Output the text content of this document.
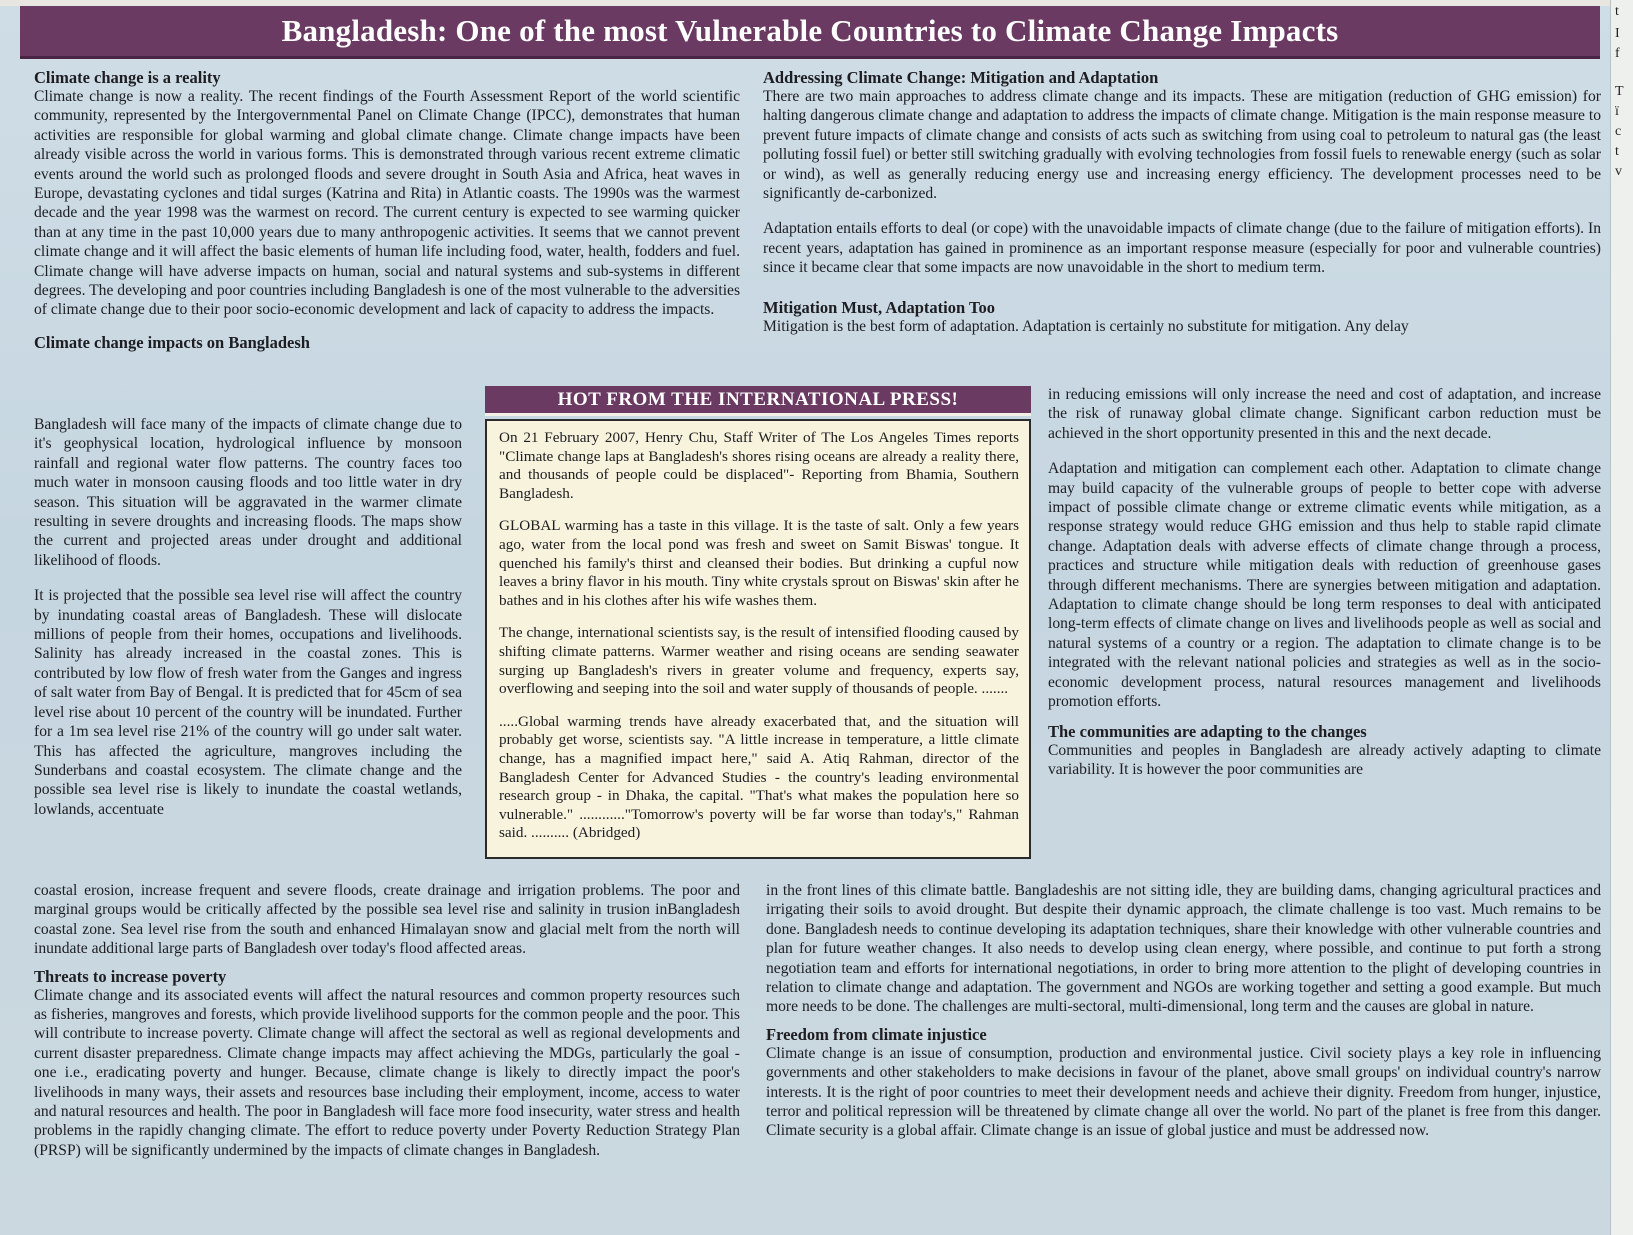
Bangladesh: One of the most Vulnerable Countries to Climate Change Impacts
t
I
f
T
ï
c
t
v

Climate change is a reality

Climate change is now a reality. The recent findings of the Fourth Assessment Report of the world scientific community, represented by the Intergovernmental Panel on Climate Change (IPCC), demonstrates that human activities are responsible for global warming and global climate change. Climate change impacts have been already visible across the world in various forms. This is demonstrated through various recent extreme climatic events around the world such as prolonged floods and severe drought in South Asia and Africa, heat waves in Europe, devastating cyclones and tidal surges (Katrina and Rita) in Atlantic coasts. The 1990s was the warmest decade and the year 1998 was the warmest on record. The current century is expected to see warming quicker than at any time in the past 10,000 years due to many anthropogenic activities. It seems that we cannot prevent climate change and it will affect the basic elements of human life including food, water, health, fodders and fuel. Climate change will have adverse impacts on human, social and natural systems and sub-systems in different degrees. The developing and poor countries including Bangladesh is one of the most vulnerable to the adversities of climate change due to their poor socio-economic development and lack of capacity to address the impacts.

Climate change impacts on Bangladesh

Bangladesh will face many of the impacts of climate change due to it's geophysical location, hydrological influence by monsoon rainfall and regional water flow patterns. The country faces too much water in monsoon causing floods and too little water in dry season. This situation will be aggravated in the warmer climate resulting in severe droughts and increasing floods. The maps show the current and projected areas under drought and additional likelihood of floods.

It is projected that the possible sea level rise will affect the country by inundating coastal areas of Bangladesh. These will dislocate millions of people from their homes, occupations and livelihoods. Salinity has already increased in the coastal zones. This is contributed by low flow of fresh water from the Ganges and ingress of salt water from Bay of Bengal. It is predicted that for 45cm of sea level rise about 10 percent of the country will be inundated. Further for a 1m sea level rise 21% of the country will go under salt water. This has affected the agriculture, mangroves including the Sunderbans and coastal ecosystem. The climate change and the possible sea level rise is likely to inundate the coastal wetlands, lowlands, accentuate

coastal erosion, increase frequent and severe floods, create drainage and irrigation problems. The poor and marginal groups would be critically affected by the possible sea level rise and salinity in trusion inBangladesh coastal zone. Sea level rise from the south and enhanced Himalayan snow and glacial melt from the north will inundate additional large parts of Bangladesh over today's flood affected areas.

Threats to increase poverty

Climate change and its associated events will affect the natural resources and common property resources such as fisheries, mangroves and forests, which provide livelihood supports for the common people and the poor. This will contribute to increase poverty. Climate change will affect the sectoral as well as regional developments and current disaster preparedness. Climate change impacts may affect achieving the MDGs, particularly the goal -one i.e., eradicating poverty and hunger. Because, climate change is likely to directly impact the poor's livelihoods in many ways, their assets and resources base including their employment, income, access to water and natural resources and health. The poor in Bangladesh will face more food insecurity, water stress and health problems in the rapidly changing climate. The effort to reduce poverty under Poverty Reduction Strategy Plan (PRSP) will be significantly undermined by the impacts of climate changes in Bangladesh.

Addressing Climate Change: Mitigation and Adaptation

There are two main approaches to address climate change and its impacts. These are mitigation (reduction of GHG emission) for halting dangerous climate change and adaptation to address the impacts of climate change. Mitigation is the main response measure to prevent future impacts of climate change and consists of acts such as switching from using coal to petroleum to natural gas (the least polluting fossil fuel) or better still switching gradually with evolving technologies from fossil fuels to renewable energy (such as solar or wind), as well as generally reducing energy use and increasing energy efficiency. The development processes need to be significantly de-carbonized.

Adaptation entails efforts to deal (or cope) with the unavoidable impacts of climate change (due to the failure of mitigation efforts). In recent years, adaptation has gained in prominence as an important response measure (especially for poor and vulnerable countries) since it became clear that some impacts are now unavoidable in the short to medium term.

Mitigation Must, Adaptation Too

Mitigation is the best form of adaptation. Adaptation is certainly no substitute for mitigation. Any delay

in reducing emissions will only increase the need and cost of adaptation, and increase the risk of runaway global climate change. Significant carbon reduction must be achieved in the short opportunity presented in this and the next decade.

Adaptation and mitigation can complement each other. Adaptation to climate change may build capacity of the vulnerable groups of people to better cope with adverse impact of possible climate change or extreme climatic events while mitigation, as a response strategy would reduce GHG emission and thus help to stable rapid climate change. Adaptation deals with adverse effects of climate change through a process, practices and structure while mitigation deals with reduction of greenhouse gases through different mechanisms. There are synergies between mitigation and adaptation. Adaptation to climate change should be long term responses to deal with anticipated long-term effects of climate change on lives and livelihoods people as well as social and natural systems of a country or a region. The adaptation to climate change is to be integrated with the relevant national policies and strategies as well as in the socio-economic development process, natural resources management and livelihoods promotion efforts.

The communities are adapting to the changes

Communities and peoples in Bangladesh are already actively adapting to climate variability. It is however the poor communities are

in the front lines of this climate battle. Bangladeshis are not sitting idle, they are building dams, changing agricultural practices and irrigating their soils to avoid drought. But despite their dynamic approach, the climate challenge is too vast. Much remains to be done. Bangladesh needs to continue developing its adaptation techniques, share their knowledge with other vulnerable countries and plan for future weather changes. It also needs to develop using clean energy, where possible, and continue to put forth a strong negotiation team and efforts for international negotiations, in order to bring more attention to the plight of developing countries in relation to climate change and adaptation. The government and NGOs are working together and setting a good example. But much more needs to be done. The challenges are multi-sectoral, multi-dimensional, long term and the causes are global in nature.

Freedom from climate injustice

Climate change is an issue of consumption, production and environmental justice. Civil society plays a key role in influencing governments and other stakeholders to make decisions in favour of the planet, above small groups' on individual country's narrow interests. It is the right of poor countries to meet their development needs and achieve their dignity. Freedom from hunger, injustice, terror and political repression will be threatened by climate change all over the world. No part of the planet is free from this danger. Climate security is a global affair. Climate change is an issue of global justice and must be addressed now.

HOT FROM THE INTERNATIONAL PRESS!

On 21 February 2007, Henry Chu, Staff Writer of The Los Angeles Times reports "Climate change laps at Bangladesh's shores rising oceans are already a reality there, and thousands of people could be displaced"- Reporting from Bhamia, Southern Bangladesh.

GLOBAL warming has a taste in this village. It is the taste of salt. Only a few years ago, water from the local pond was fresh and sweet on Samit Biswas' tongue. It quenched his family's thirst and cleansed their bodies. But drinking a cupful now leaves a briny flavor in his mouth. Tiny white crystals sprout on Biswas' skin after he bathes and in his clothes after his wife washes them.

The change, international scientists say, is the result of intensified flooding caused by shifting climate patterns. Warmer weather and rising oceans are sending seawater surging up Bangladesh's rivers in greater volume and frequency, experts say, overflowing and seeping into the soil and water supply of thousands of people. .......

.....Global warming trends have already exacerbated that, and the situation will probably get worse, scientists say. "A little increase in temperature, a little climate change, has a magnified impact here," said A. Atiq Rahman, director of the Bangladesh Center for Advanced Studies - the country's leading environmental research group - in Dhaka, the capital. "That's what makes the population here so vulnerable." ............"Tomorrow's poverty will be far worse than today's," Rahman said. .......... (Abridged)
